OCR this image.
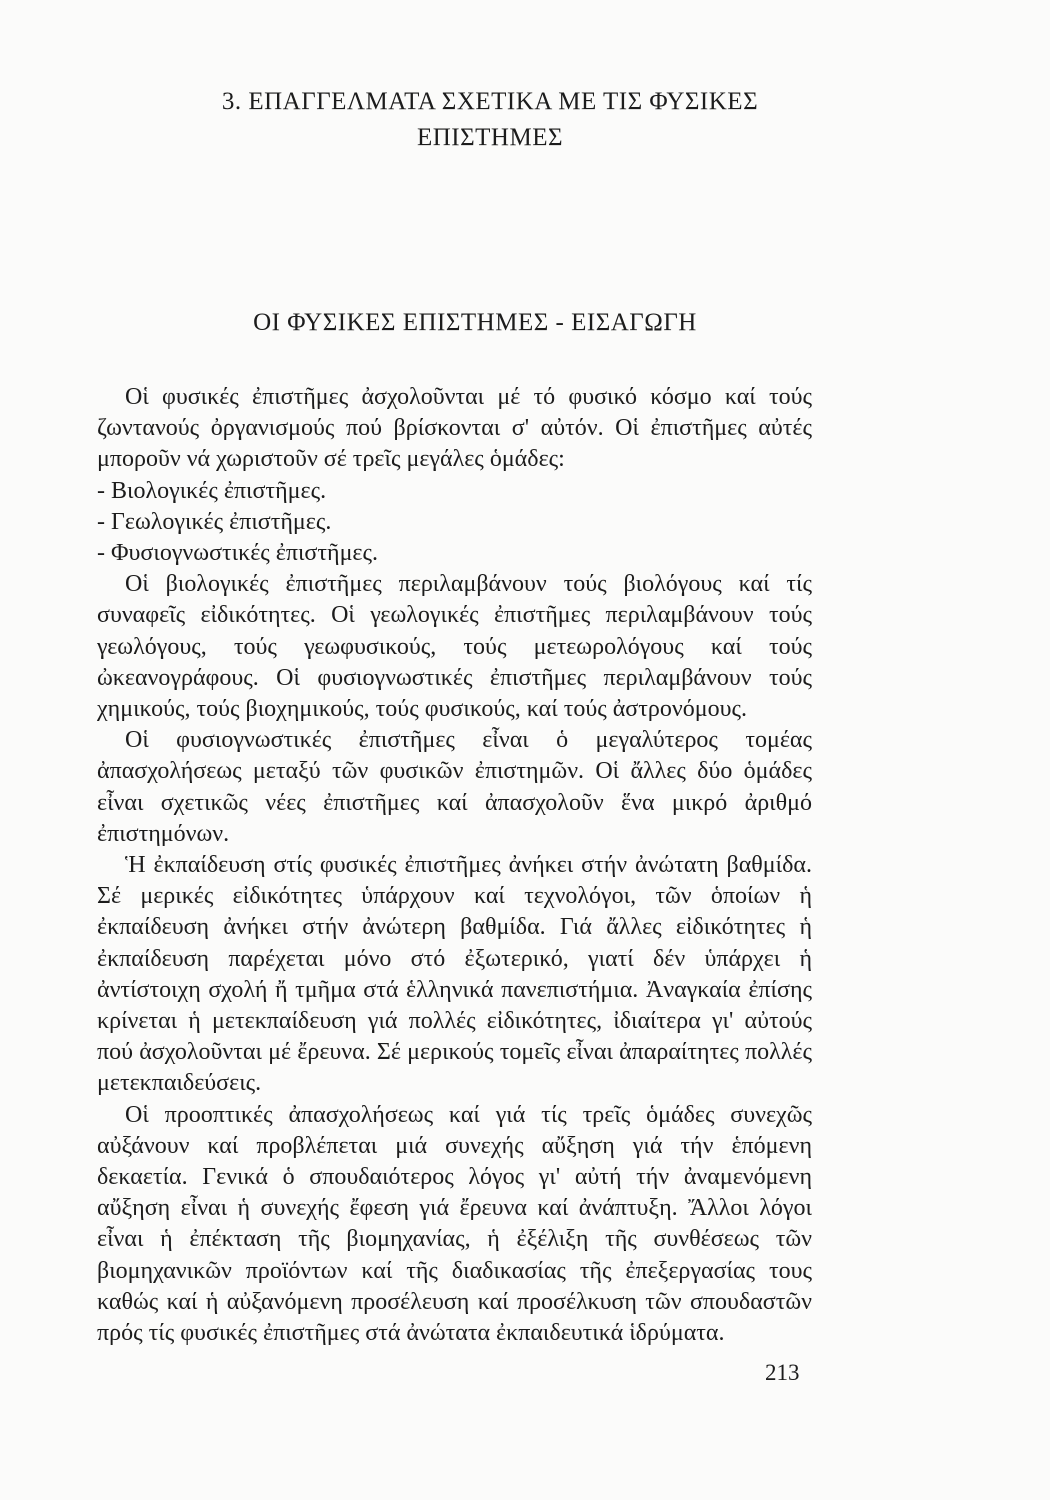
3. ΕΠΑΓΓΕΛΜΑΤΑ ΣΧΕΤΙΚΑ ΜΕ ΤΙΣ ΦΥΣΙΚΕΣ
ΕΠΙΣΤΗΜΕΣ
ΟΙ ΦΥΣΙΚΕΣ ΕΠΙΣΤΗΜΕΣ - ΕΙΣΑΓΩΓΗ

Οἱ φυσικές ἐπιστῆμες ἀσχολοῦνται μέ τό φυσικό κόσμο καί τούς ζωντανούς ὀργανισμούς πού βρίσκονται σ' αὐτόν. Οἱ ἐπιστῆμες αὐτές μποροῦν νά χωριστοῦν σέ τρεῖς μεγάλες ὁμάδες:

- Βιολογικές ἐπιστῆμες.

- Γεωλογικές ἐπιστῆμες.

- Φυσιογνωστικές ἐπιστῆμες.

Οἱ βιολογικές ἐπιστῆμες περιλαμβάνουν τούς βιολόγους καί τίς συναφεῖς εἰδικότητες. Οἱ γεωλογικές ἐπιστῆμες περιλαμβάνουν τούς γεωλόγους, τούς γεωφυσικούς, τούς μετεωρολόγους καί τούς ὠκεανογράφους. Οἱ φυσιογνωστικές ἐπιστῆμες περιλαμβάνουν τούς χημικούς, τούς βιοχημικούς, τούς φυσικούς, καί τούς ἀστρονόμους.

Οἱ φυσιογνωστικές ἐπιστῆμες εἶναι ὁ μεγαλύτερος τομέας ἀπασχολήσεως μεταξύ τῶν φυσικῶν ἐπιστημῶν. Οἱ ἄλλες δύο ὁμάδες εἶναι σχετικῶς νέες ἐπιστῆμες καί ἀπασχολοῦν ἕνα μικρό ἀριθμό ἐπιστημόνων.

Ἡ ἐκπαίδευση στίς φυσικές ἐπιστῆμες ἀνήκει στήν ἀνώτατη βαθμίδα. Σέ μερικές εἰδικότητες ὑπάρχουν καί τεχνολόγοι, τῶν ὁποίων ἡ ἐκπαίδευση ἀνήκει στήν ἀνώτερη βαθμίδα. Γιά ἄλλες εἰδικότητες ἡ ἐκπαίδευση παρέχεται μόνο στό ἐξωτερικό, γιατί δέν ὑπάρχει ἡ ἀντίστοιχη σχολή ἤ τμῆμα στά ἑλληνικά πανεπιστήμια. Ἀναγκαία ἐπίσης κρίνεται ἡ μετεκπαίδευση γιά πολλές εἰδικότητες, ἰδιαίτερα γι' αὐτούς πού ἀσχολοῦνται μέ ἔρευνα. Σέ μερικούς τομεῖς εἶναι ἀπαραίτητες πολλές μετεκπαιδεύσεις.

Οἱ προοπτικές ἀπασχολήσεως καί γιά τίς τρεῖς ὁμάδες συνεχῶς αὐξάνουν καί προβλέπεται μιά συνεχής αὔξηση γιά τήν ἑπόμενη δεκαετία. Γενικά ὁ σπουδαιότερος λόγος γι' αὐτή τήν ἀναμενόμενη αὔξηση εἶναι ἡ συνεχής ἔφεση γιά ἔρευνα καί ἀνάπτυξη. Ἄλλοι λόγοι εἶναι ἡ ἐπέκταση τῆς βιομηχανίας, ἡ ἐξέλιξη τῆς συνθέσεως τῶν βιομηχανικῶν προϊόντων καί τῆς διαδικασίας τῆς ἐπεξεργασίας τους καθώς καί ἡ αὐξανόμενη προσέλευση καί προσέλκυση τῶν σπουδαστῶν πρός τίς φυσικές ἐπιστῆμες στά ἀνώτατα ἐκπαιδευτικά ἱδρύματα.

213
